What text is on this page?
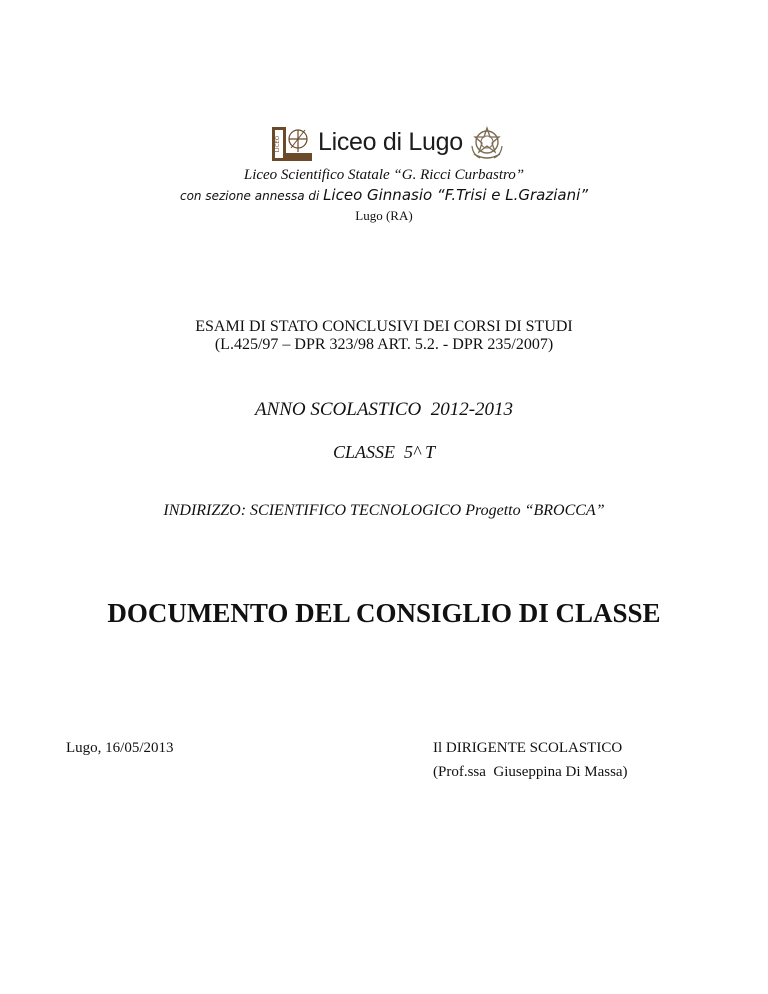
LICEO Liceo di Lugo
Liceo Scientifico Statale “G. Ricci Curbastro”
con sezione annessa di Liceo Ginnasio “F.Trisi e L.Graziani”
Lugo (RA)
ESAMI DI STATO CONCLUSIVI DEI CORSI DI STUDI
(L.425/97 – DPR 323/98 ART. 5.2. - DPR 235/2007)
ANNO SCOLASTICO  2012-2013
CLASSE  5^ T
INDIRIZZO: SCIENTIFICO TECNOLOGICO Progetto “BROCCA”
DOCUMENTO DEL CONSIGLIO DI CLASSE
Lugo, 16/05/2013	Il DIRIGENTE SCOLASTICO
(Prof.ssa  Giuseppina Di Massa)
